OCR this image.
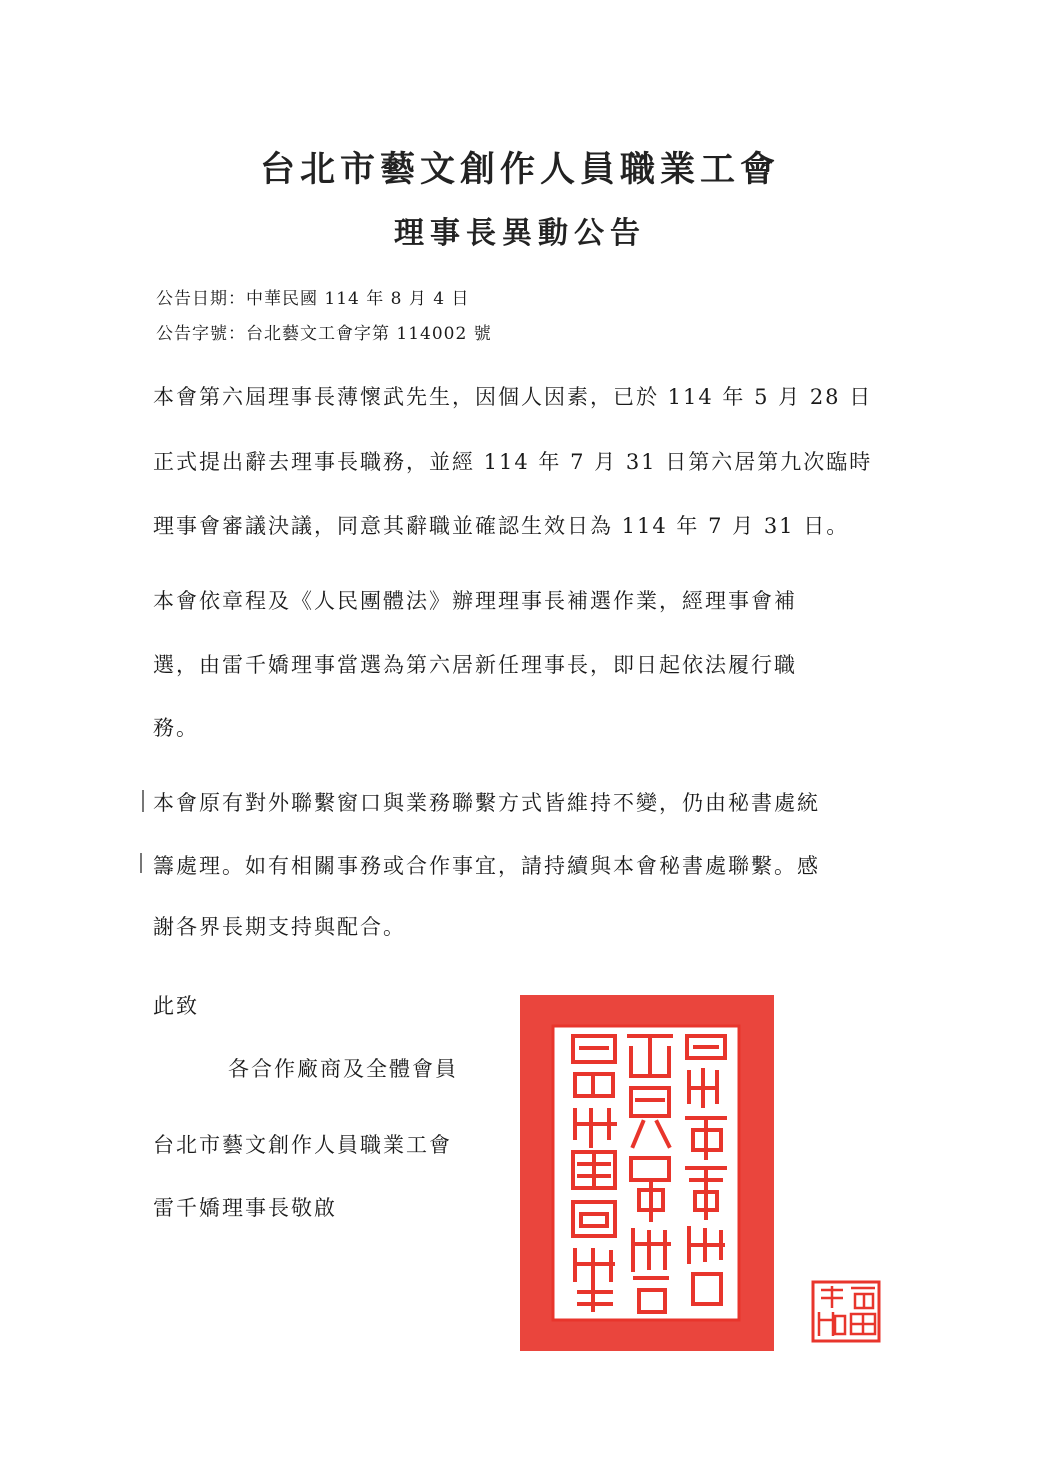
台北市藝文創作人員職業工會
理事長異動公告
公告日期：中華民國 114 年 8 月 4 日
公告字號：台北藝文工會字第 114002 號
本會第六屆理事長薄懷武先生，因個人因素，已於 114 年 5 月 28 日
正式提出辭去理事長職務，並經 114 年 7 月 31 日第六居第九次臨時
理事會審議決議，同意其辭職並確認生效日為 114 年 7 月 31 日。
本會依章程及《人民團體法》辦理理事長補選作業，經理事會補
選，由雷千嬌理事當選為第六居新任理事長，即日起依法履行職
務。
本會原有對外聯繫窗口與業務聯繫方式皆維持不變，仍由秘書處統
籌處理。如有相關事務或合作事宜，請持續與本會秘書處聯繫。感
謝各界長期支持與配合。
此致
各合作廠商及全體會員
台北市藝文創作人員職業工會
雷千嬌理事長敬啟
